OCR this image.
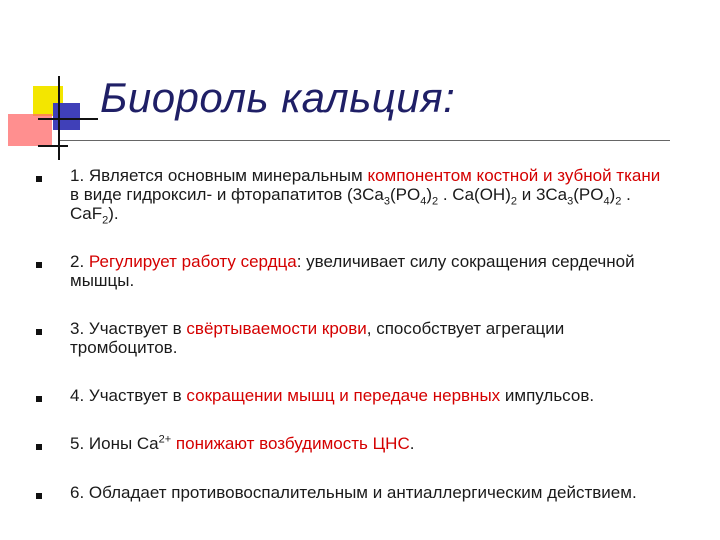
Биороль кальция:
1. Является основным минеральным компонентом костной и зубной ткани в виде гидроксил- и фторапатитов ($3Ca_3(PO_4)_2$ . $Ca(OH)_2$ и $3Ca_3(PO_4)_2$ . CaF$_2$).
2. Регулирует работу сердца: увеличивает силу сокращения сердечной мышцы.
3. Участвует в свёртываемости крови, способствует агрегации тромбоцитов.
4. Участвует в сокращении мышц и передаче нервных импульсов.
5. Ионы $Ca^{2+}$ понижают возбудимость ЦНС.
6. Обладает противовоспалительным и антиаллергическим действием.
